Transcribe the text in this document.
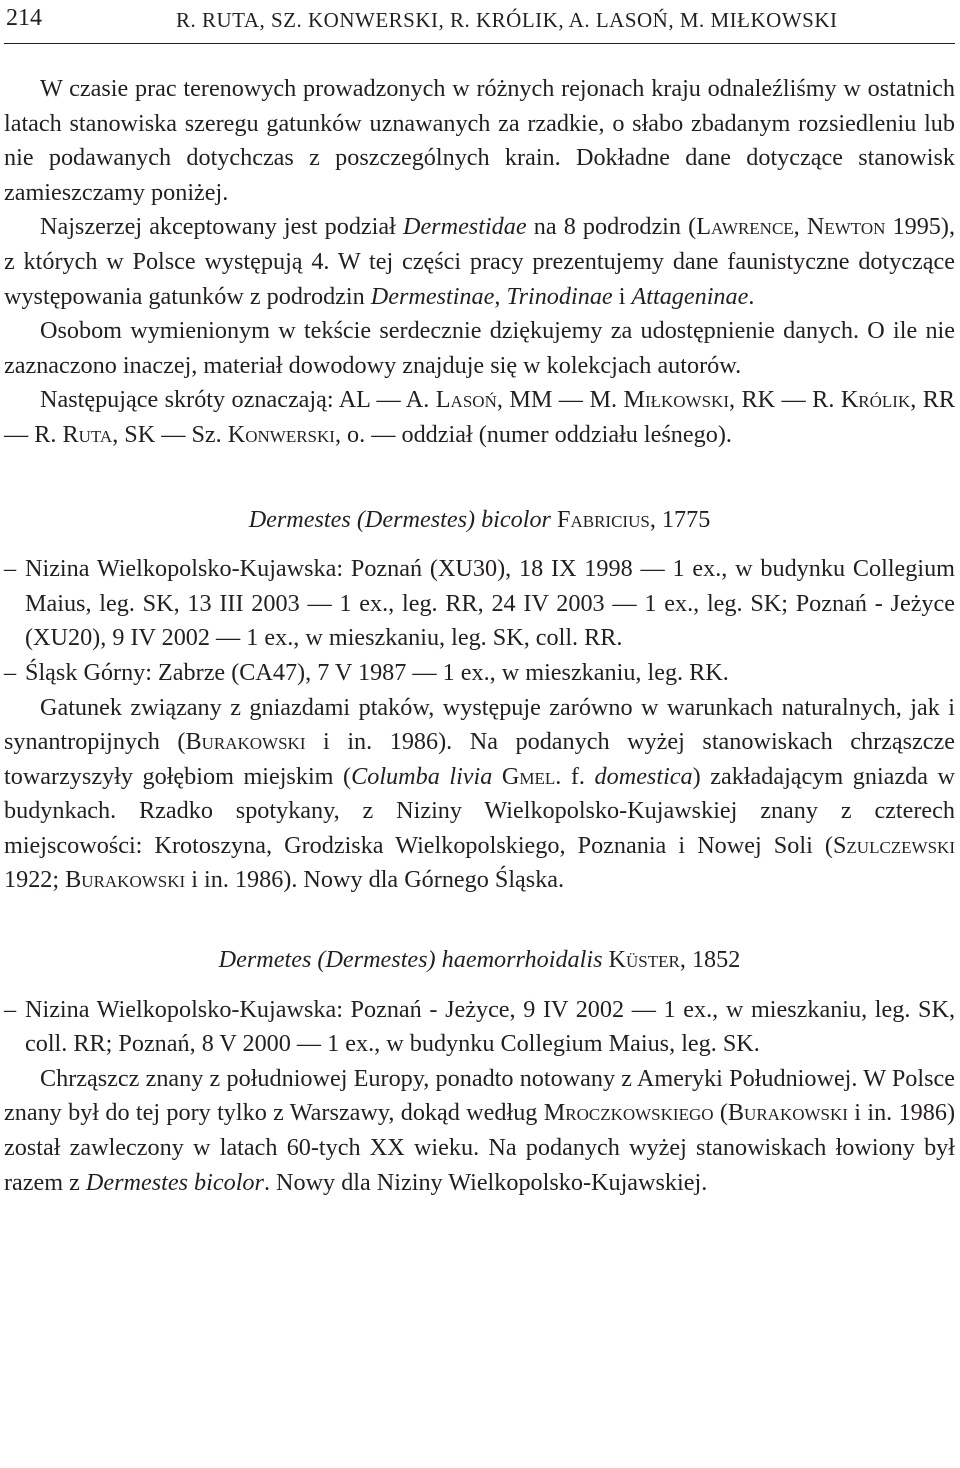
214	R. RUTA, SZ. KONWERSKI, R. KRÓLIK, A. LASOŃ, M. MIŁKOWSKI

W czasie prac terenowych prowadzonych w różnych rejonach kraju odnaleźliśmy w ostatnich latach stanowiska szeregu gatunków uznawanych za rzadkie, o słabo zbadanym rozsiedleniu lub nie podawanych dotychczas z poszczególnych krain. Dokładne dane dotyczące stanowisk zamieszczamy poniżej.

Najszerzej akceptowany jest podział Dermestidae na 8 podrodzin (Lawrence, Newton 1995), z których w Polsce występują 4. W tej części pracy prezentujemy dane faunistyczne dotyczące występowania gatunków z podrodzin Dermestinae, Trinodinae i Attageninae.

Osobom wymienionym w tekście serdecznie dziękujemy za udostępnienie danych. O ile nie zaznaczono inaczej, materiał dowodowy znajduje się w kolekcjach autorów.

Następujące skróty oznaczają: AL — A. Lasoń, MM — M. Miłkowski, RK — R. Królik, RR — R. Ruta, SK — Sz. Konwerski, o. — oddział (numer oddziału leśnego).

Dermestes (Dermestes) bicolor Fabricius, 1775

– Nizina Wielkopolsko-Kujawska: Poznań (XU30), 18 IX 1998 — 1 ex., w budynku Collegium Maius, leg. SK, 13 III 2003 — 1 ex., leg. RR, 24 IV 2003 — 1 ex., leg. SK; Poznań - Jeżyce (XU20), 9 IV 2002 — 1 ex., w mieszkaniu, leg. SK, coll. RR.

– Śląsk Górny: Zabrze (CA47), 7 V 1987 — 1 ex., w mieszkaniu, leg. RK.

Gatunek związany z gniazdami ptaków, występuje zarówno w warunkach naturalnych, jak i synantropijnych (Burakowski i in. 1986). Na podanych wyżej stanowiskach chrząszcze towarzyszyły gołębiom miejskim (Columba livia Gmel. f. domestica) zakładającym gniazda w budynkach. Rzadko spotykany, z Niziny Wielkopolsko-Kujawskiej znany z czterech miejscowości: Krotoszyna, Grodziska Wielkopolskiego, Poznania i Nowej Soli (Szulczewski 1922; Burakowski i in. 1986). Nowy dla Górnego Śląska.

Dermetes (Dermestes) haemorrhoidalis Küster, 1852

– Nizina Wielkopolsko-Kujawska: Poznań - Jeżyce, 9 IV 2002 — 1 ex., w mieszkaniu, leg. SK, coll. RR; Poznań, 8 V 2000 — 1 ex., w budynku Collegium Maius, leg. SK.

Chrząszcz znany z południowej Europy, ponadto notowany z Ameryki Południowej. W Polsce znany był do tej pory tylko z Warszawy, dokąd według Mroczkowskiego (Burakowski i in. 1986) został zawleczony w latach 60-tych XX wieku. Na podanych wyżej stanowiskach łowiony był razem z Dermestes bicolor. Nowy dla Niziny Wielkopolsko-Kujawskiej.
